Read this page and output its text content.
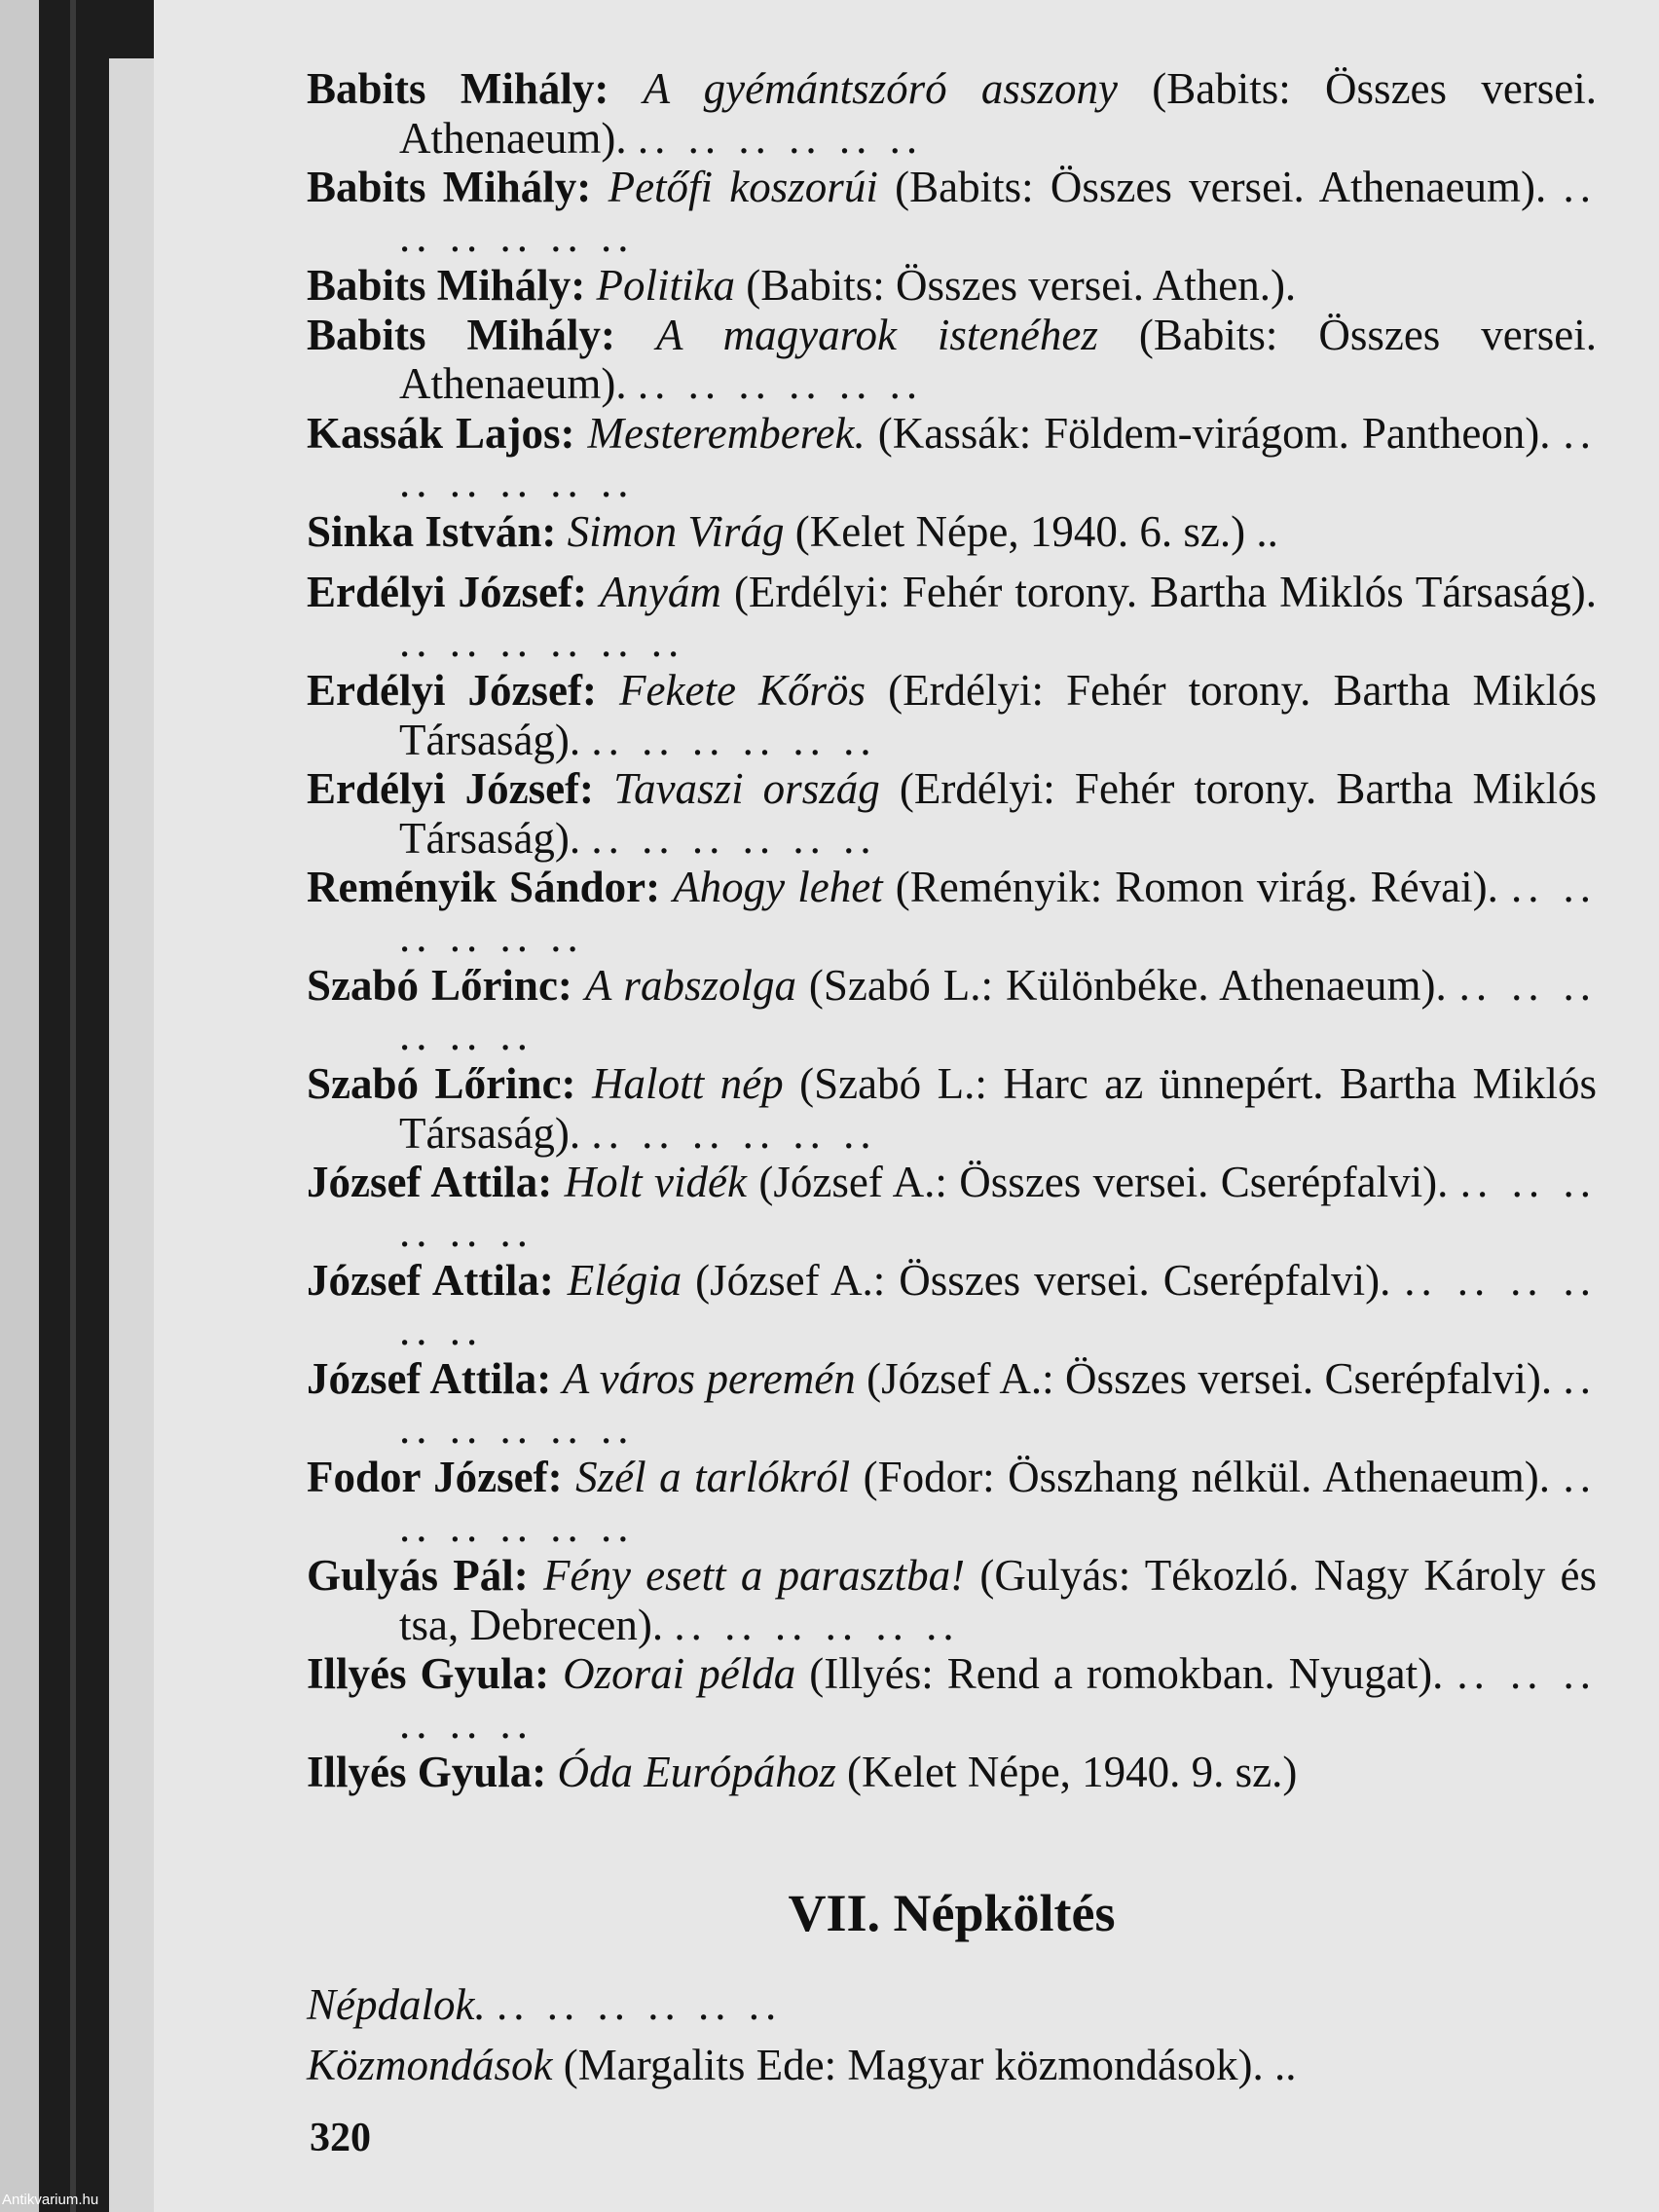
Antikvarium.hu
Babits Mihály: A gyémántszóró asszony (Babits: Összes versei. Athenaeum). .. .. .. .. .. ..
Babits Mihály: Petőfi koszorúi (Babits: Összes versei. Athenaeum). .. .. .. .. .. ..
Babits Mihály: Politika (Babits: Összes versei. Athen.).
Babits Mihály: A magyarok istenéhez (Babits: Összes versei. Athenaeum). .. .. .. .. .. ..
Kassák Lajos: Mesteremberek. (Kassák: Földem-virágom. Pantheon). .. .. .. .. .. ..
Sinka István: Simon Virág (Kelet Népe, 1940. 6. sz.) ..
Erdélyi József: Anyám (Erdélyi: Fehér torony. Bartha Miklós Társaság). .. .. .. .. .. ..
Erdélyi József: Fekete Kőrös (Erdélyi: Fehér torony. Bartha Miklós Társaság). .. .. .. .. .. ..
Erdélyi József: Tavaszi ország (Erdélyi: Fehér torony. Bartha Miklós Társaság). .. .. .. .. .. ..
Reményik Sándor: Ahogy lehet (Reményik: Romon virág. Révai). .. .. .. .. .. ..
Szabó Lőrinc: A rabszolga (Szabó L.: Különbéke. Athenaeum). .. .. .. .. .. ..
Szabó Lőrinc: Halott nép (Szabó L.: Harc az ünnepért. Bartha Miklós Társaság). .. .. .. .. .. ..
József Attila: Holt vidék (József A.: Összes versei. Cserépfalvi). .. .. .. .. .. ..
József Attila: Elégia (József A.: Összes versei. Cserépfalvi). .. .. .. .. .. ..
József Attila: A város peremén (József A.: Összes versei. Cserépfalvi). .. .. .. .. .. ..
Fodor József: Szél a tarlókról (Fodor: Összhang nélkül. Athenaeum). .. .. .. .. .. ..
Gulyás Pál: Fény esett a parasztba! (Gulyás: Tékozló. Nagy Károly és tsa, Debrecen). .. .. .. .. .. ..
Illyés Gyula: Ozorai példa (Illyés: Rend a romokban. Nyugat). .. .. .. .. .. ..
Illyés Gyula: Óda Európához (Kelet Népe, 1940. 9. sz.)
VII. Népköltés
Népdalok. .. .. .. .. .. ..
Közmondások (Margalits Ede: Magyar közmondások). ..

320
